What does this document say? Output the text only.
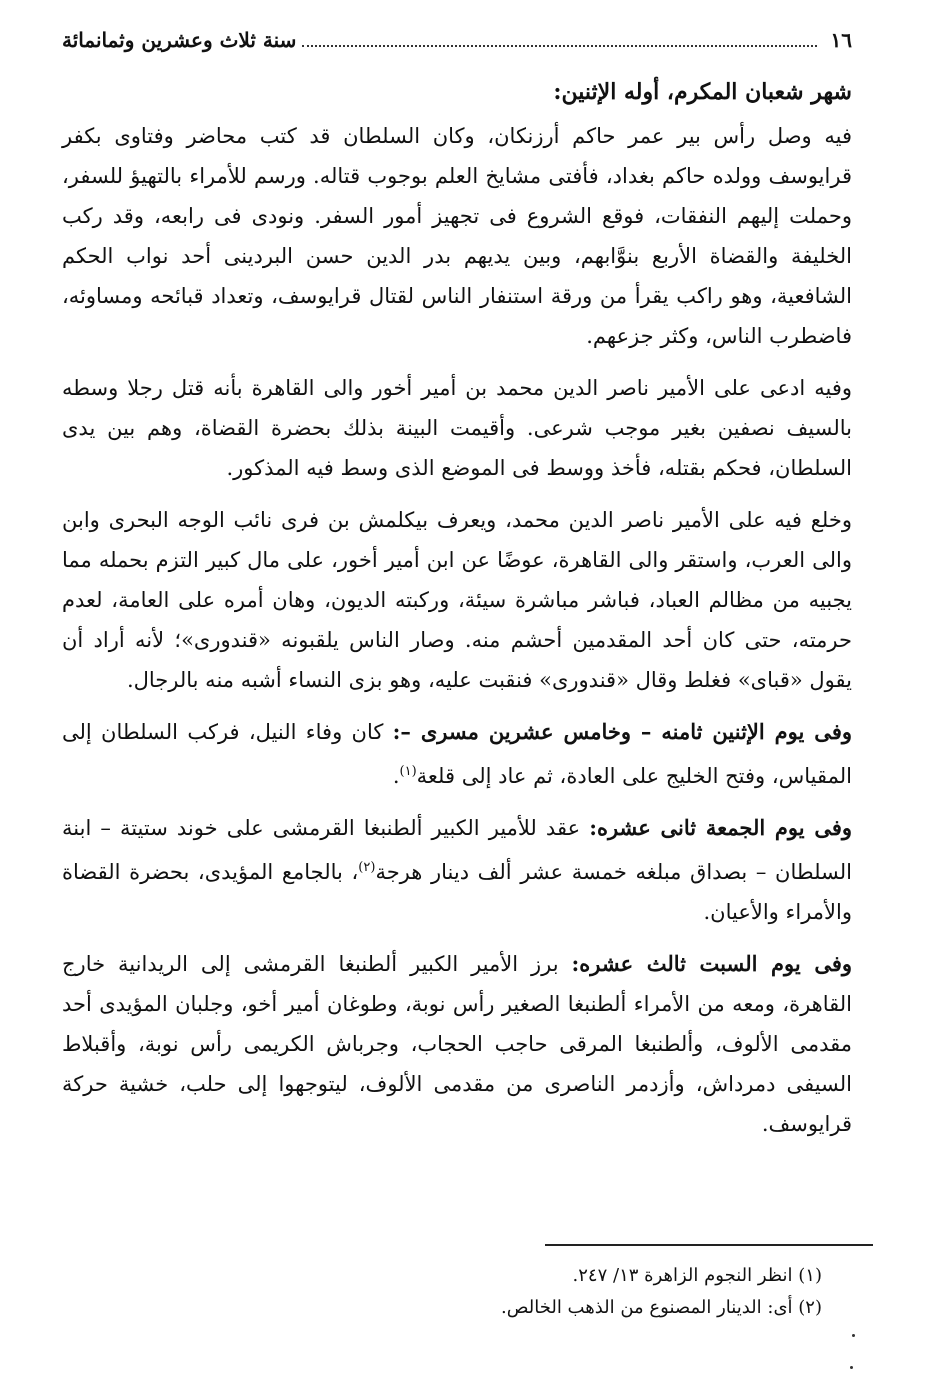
١٦
سنة ثلاث وعشرين وثمانمائة
شهر شعبان المكرم، أوله الإثنين:

فيه وصل رأس بير عمر حاكم أرزنكان، وكان السلطان قد كتب محاضر وفتاوى بكفر قرايوسف وولده حاكم بغداد، فأفتى مشايخ العلم بوجوب قتاله. ورسم للأمراء بالتهيؤ للسفر، وحملت إليهم النفقات، فوقع الشروع فى تجهيز أمور السفر. ونودى فى رابعه، وقد ركب الخليفة والقضاة الأربع بنوَّابهم، وبين يديهم بدر الدين حسن البردينى أحد نواب الحكم الشافعية، وهو راكب يقرأ من ورقة استنفار الناس لقتال قرايوسف، وتعداد قبائحه ومساوئه، فاضطرب الناس، وكثر جزعهم.

وفيه ادعى على الأمير ناصر الدين محمد بن أمير أخور والى القاهرة بأنه قتل رجلا وسطه بالسيف نصفين بغير موجب شرعى. وأقيمت البينة بذلك بحضرة القضاة، وهم بين يدى السلطان، فحكم بقتله، فأخذ ووسط فى الموضع الذى وسط فيه المذكور.

وخلع فيه على الأمير ناصر الدين محمد، ويعرف بيكلمش بن فرى نائب الوجه البحرى وابن والى العرب، واستقر والى القاهرة، عوضًا عن ابن أمير أخور، على مال كبير التزم بحمله مما يجبيه من مظالم العباد، فباشر مباشرة سيئة، وركبته الديون، وهان أمره على العامة، لعدم حرمته، حتى كان أحد المقدمين أحشم منه. وصار الناس يلقبونه «قندورى»؛ لأنه أراد أن يقول «قباى» فغلط وقال «قندورى» فنقبت عليه، وهو بزى النساء أشبه منه بالرجال.

وفى يوم الإثنين ثامنه – وخامس عشرين مسرى –: كان وفاء النيل، فركب السلطان إلى المقياس، وفتح الخليج على العادة، ثم عاد إلى قلعة$^{(١)}$.

وفى يوم الجمعة ثانى عشره: عقد للأمير الكبير ألطنبغا القرمشى على خوند ستيتة – ابنة السلطان – بصداق مبلغه خمسة عشر ألف دينار هرجة$^{(٢)}$، بالجامع المؤيدى، بحضرة القضاة والأمراء والأعيان.

وفى يوم السبت ثالث عشره: برز الأمير الكبير ألطنبغا القرمشى إلى الريدانية خارج القاهرة، ومعه من الأمراء ألطنبغا الصغير رأس نوبة، وطوغان أمير أخو، وجلبان المؤيدى أحد مقدمى الألوف، وألطنبغا المرقى حاجب الحجاب، وجرباش الكريمى رأس نوبة، وأقبلاط السيفى دمرداش، وأزدمر الناصرى من مقدمى الألوف، ليتوجهوا إلى حلب، خشية حركة قرايوسف.

(١) انظر النجوم الزاهرة ١٣/ ٢٤٧.

(٢) أى: الدينار المصنوع من الذهب الخالص.
